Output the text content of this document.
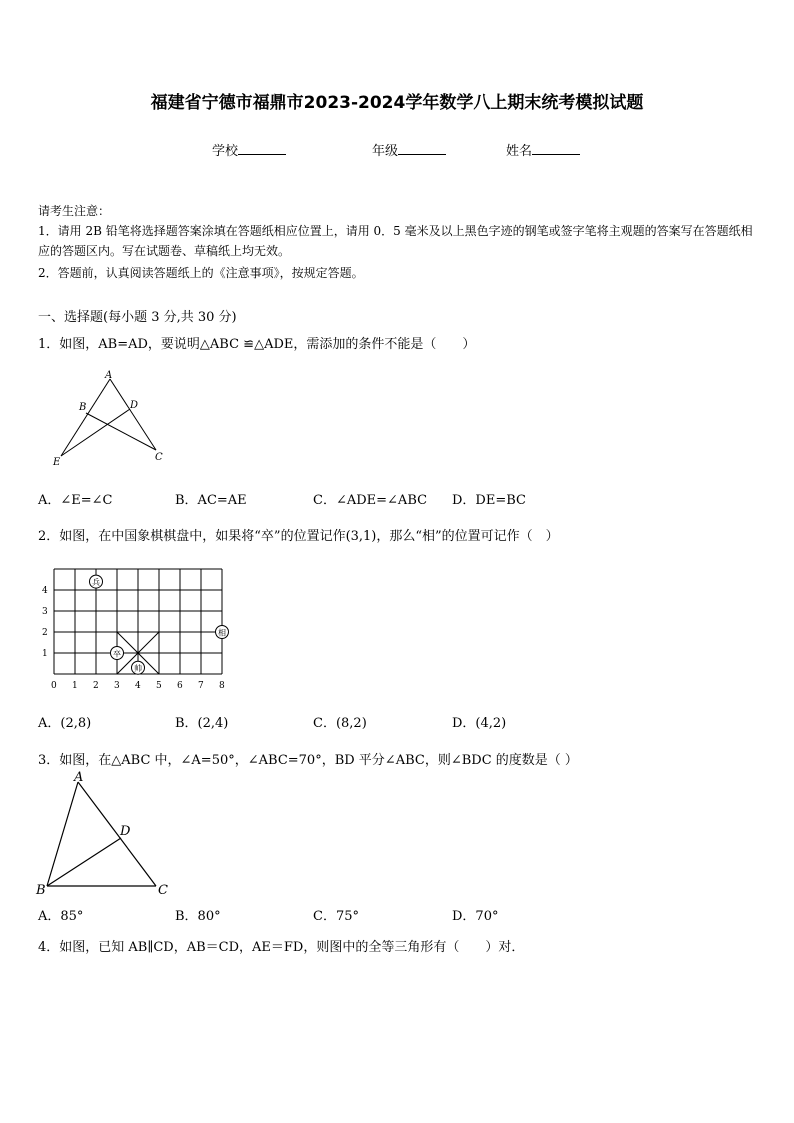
福建省宁德市福鼎市2023-2024学年数学八上期末统考模拟试题
学校	年级	姓名
请考生注意：
1．请用 2B 铅笔将选择题答案涂填在答题纸相应位置上，请用 0．5 毫米及以上黑色字迹的钢笔或签字笔将主观题的答案写在答题纸相应的答题区内。写在试题卷、草稿纸上均无效。
2．答题前，认真阅读答题纸上的《注意事项》，按规定答题。
一、选择题(每小题 3 分,共 30 分)
1．如图，AB=AD，要说明△ABC ≌△ADE，需添加的条件不能是（　　）
A
B	D
E	C
A．∠E=∠C	B．AC=AE	C．∠ADE=∠ABC D．DE=BC
2．如图，在中国象棋棋盘中，如果将“卒”的位置记作(3,1)，那么“相”的位置可记作（　）
0 1 2 3 4 5 6 7 8
1
2
3
4
兵
相
卒
帅
A．(2,8)	B．(2,4)	C．(8,2)	D．(4,2)
3．如图，在△ABC 中，∠A=50°，∠ABC=70°，BD 平分∠ABC，则∠BDC 的度数是（ ）
A
D
B	C
A．85°	B．80°	C．75°	D．70°
4．如图，已知 AB∥CD，AB＝CD，AE＝FD，则图中的全等三角形有（　　）对．
